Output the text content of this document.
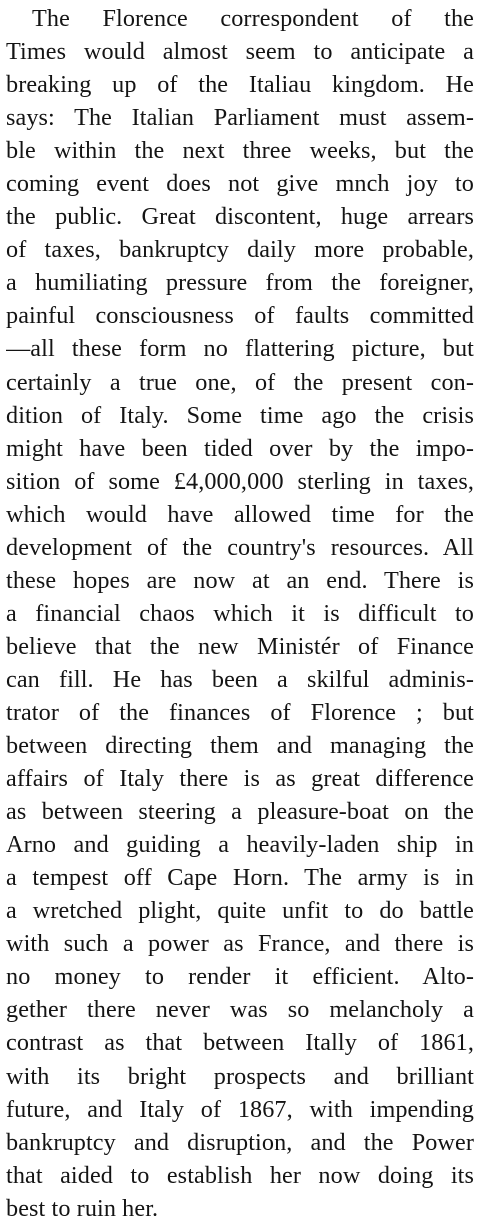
The Florence correspondent of the
Times would almost seem to anticipate a
breaking up of the Italiau kingdom. He
says: The Italian Parliament must assem-
ble within the next three weeks, but the
coming event does not give mnch joy to
the public. Great discontent, huge arrears
of taxes, bankruptcy daily more probable,
a humiliating pressure from the foreigner,
painful consciousness of faults committed
—all these form no flattering picture, but
certainly a true one, of the present con-
dition of Italy. Some time ago the crisis
might have been tided over by the impo-
sition of some £4,000,000 sterling in taxes,
which would have allowed time for the
development of the country's resources. All
these hopes are now at an end. There is
a financial chaos which it is difficult to
believe that the new Ministér of Finance
can fill. He has been a skilful adminis-
trator of the finances of Florence ; but
between directing them and managing the
affairs of Italy there is as great difference
as between steering a pleasure-boat on the
Arno and guiding a heavily-laden ship in
a tempest off Cape Horn. The army is in
a wretched plight, quite unfit to do battle
with such a power as France, and there is
no money to render it efficient. Alto-
gether there never was so melancholy a
contrast as that between Itally of 1861,
with its bright prospects and brilliant
future, and Italy of 1867, with impending
bankruptcy and disruption, and the Power
that aided to establish her now doing its
best to ruin her.
